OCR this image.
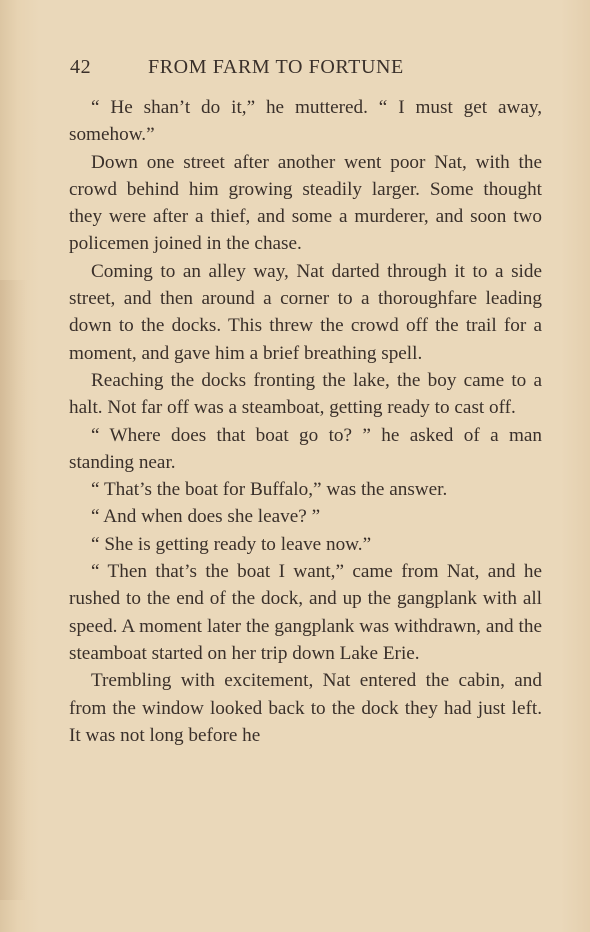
42	FROM FARM TO FORTUNE

“ He shan’t do it,” he muttered. “ I must get away, somehow.”

Down one street after another went poor Nat, with the crowd behind him growing steadily larger. Some thought they were after a thief, and some a murderer, and soon two policemen joined in the chase.

Coming to an alley way, Nat darted through it to a side street, and then around a corner to a thoroughfare leading down to the docks. This threw the crowd off the trail for a moment, and gave him a brief breathing spell.

Reaching the docks fronting the lake, the boy came to a halt. Not far off was a steamboat, getting ready to cast off.

“ Where does that boat go to? ” he asked of a man standing near.

“ That’s the boat for Buffalo,” was the answer.

“ And when does she leave? ”

“ She is getting ready to leave now.”

“ Then that’s the boat I want,” came from Nat, and he rushed to the end of the dock, and up the gangplank with all speed. A moment later the gangplank was withdrawn, and the steamboat started on her trip down Lake Erie.

Trembling with excitement, Nat entered the cabin, and from the window looked back to the dock they had just left. It was not long before he
